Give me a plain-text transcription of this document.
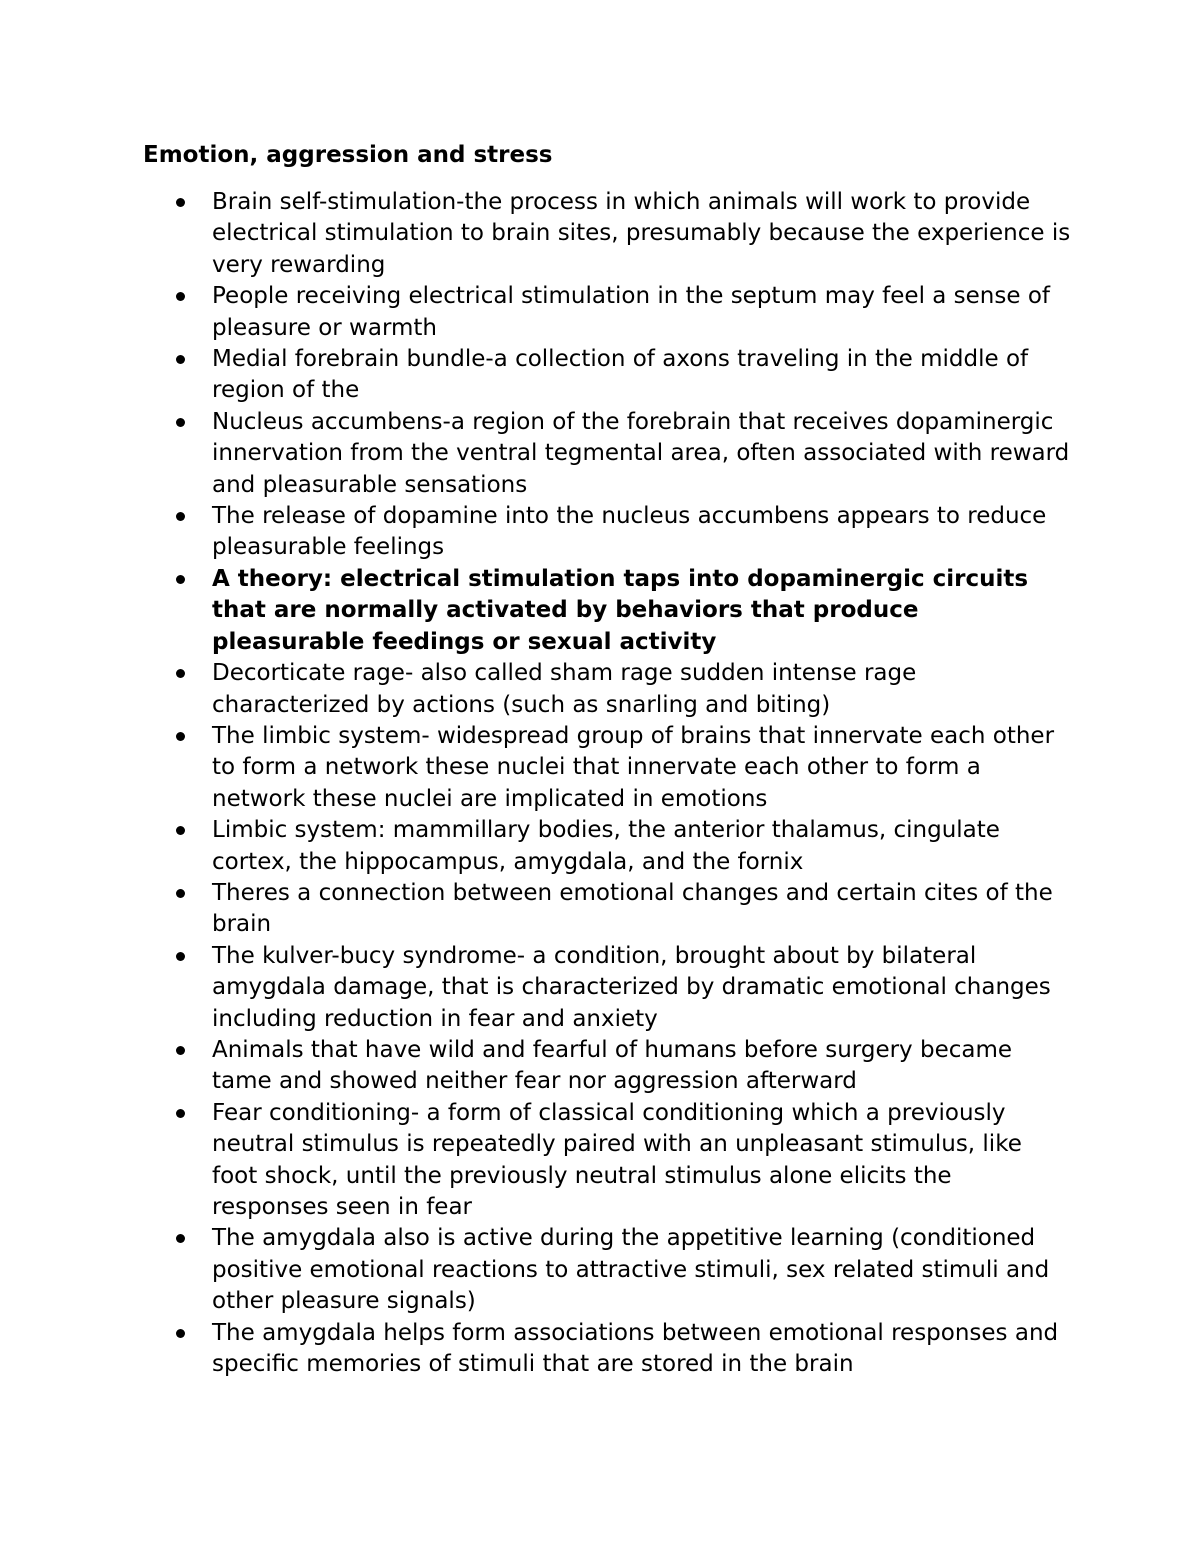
Emotion, aggression and stress
Brain self-stimulation-the process in which animals will work to provide electrical stimulation to brain sites, presumably because the experience is very rewarding
People receiving electrical stimulation in the septum may feel a sense of pleasure or warmth
Medial forebrain bundle-a collection of axons traveling in the middle of region of the
Nucleus accumbens-a region of the forebrain that receives dopaminergic innervation from the ventral tegmental area, often associated with reward and pleasurable sensations
The release of dopamine into the nucleus accumbens appears to reduce pleasurable feelings
A theory: electrical stimulation taps into dopaminergic circuits that are normally activated by behaviors that produce pleasurable feedings or sexual activity
Decorticate rage- also called sham rage sudden intense rage characterized by actions (such as snarling and biting)
The limbic system- widespread group of brains that innervate each other to form a network these nuclei that innervate each other to form a network these nuclei are implicated in emotions
Limbic system: mammillary bodies, the anterior thalamus, cingulate cortex, the hippocampus, amygdala, and the fornix
Theres a connection between emotional changes and certain cites of the brain
The kulver-bucy syndrome- a condition, brought about by bilateral amygdala damage, that is characterized by dramatic emotional changes including reduction in fear and anxiety
Animals that have wild and fearful of humans before surgery became tame and showed neither fear nor aggression afterward
Fear conditioning- a form of classical conditioning which a previously neutral stimulus is repeatedly paired with an unpleasant stimulus, like foot shock, until the previously neutral stimulus alone elicits the responses seen in fear
The amygdala also is active during the appetitive learning (conditioned positive emotional reactions to attractive stimuli, sex related stimuli and other pleasure signals)
The amygdala helps form associations between emotional responses and specific memories of stimuli that are stored in the brain
